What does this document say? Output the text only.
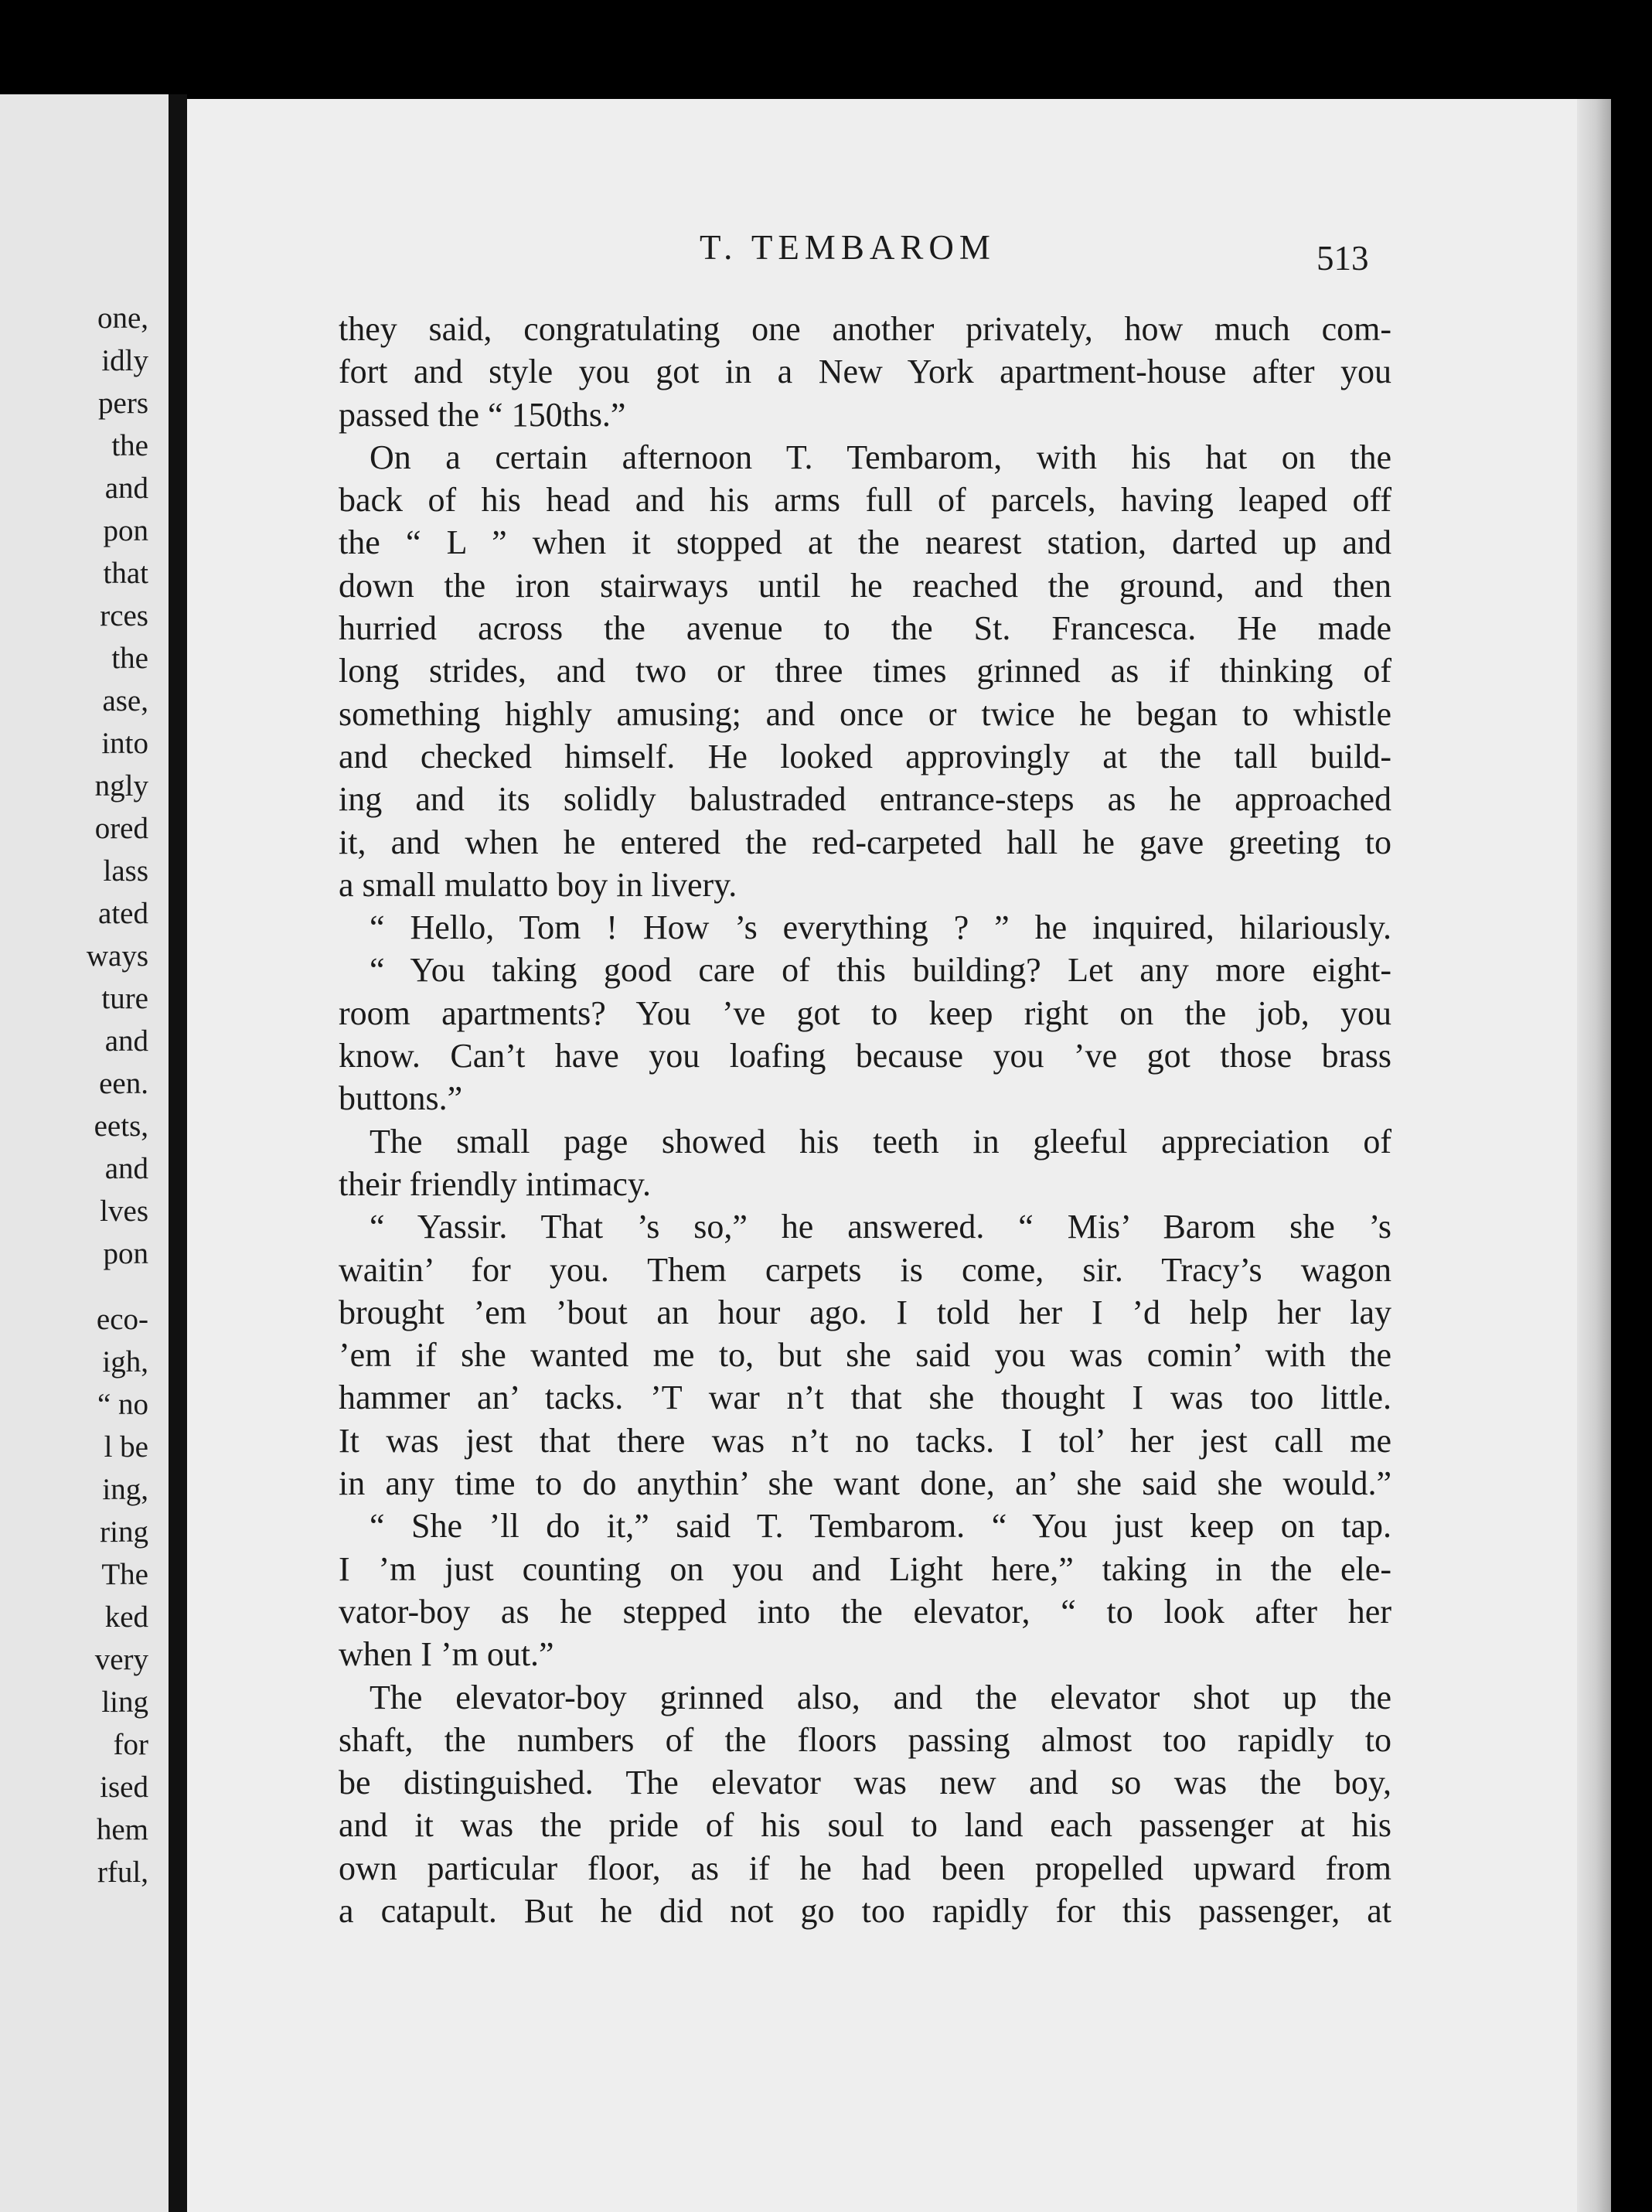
one,
idly
pers
the
and
pon
that
rces
the
ase,
into
ngly
ored
lass
ated
ways
ture
and
een.
eets,
and
lves
pon
eco-
igh,
“ no
l be
ing,
ring
The
ked
very
ling
for
ised
hem
rful,
T. TEMBAROM	513
they said, congratulating one another privately, how much com-
fort and style you got in a New York apartment-house after you
passed the “ 150ths.”
On a certain afternoon T. Tembarom, with his hat on the
back of his head and his arms full of parcels, having leaped off
the “ L ” when it stopped at the nearest station, darted up and
down the iron stairways until he reached the ground, and then
hurried across the avenue to the St. Francesca. He made
long strides, and two or three times grinned as if thinking of
something highly amusing; and once or twice he began to whistle
and checked himself. He looked approvingly at the tall build-
ing and its solidly balustraded entrance-steps as he approached
it, and when he entered the red-carpeted hall he gave greeting to
a small mulatto boy in livery.
“ Hello, Tom ! How ’s everything ? ” he inquired, hilariously.
“ You taking good care of this building? Let any more eight-
room apartments? You ’ve got to keep right on the job, you
know. Can’t have you loafing because you ’ve got those brass
buttons.”
The small page showed his teeth in gleeful appreciation of
their friendly intimacy.
“ Yassir. That ’s so,” he answered. “ Mis’ Barom she ’s
waitin’ for you. Them carpets is come, sir. Tracy’s wagon
brought ’em ’bout an hour ago. I told her I ’d help her lay
’em if she wanted me to, but she said you was comin’ with the
hammer an’ tacks. ’T war n’t that she thought I was too little.
It was jest that there was n’t no tacks. I tol’ her jest call me
in any time to do anythin’ she want done, an’ she said she would.”
“ She ’ll do it,” said T. Tembarom. “ You just keep on tap.
I ’m just counting on you and Light here,” taking in the ele-
vator-boy as he stepped into the elevator, “ to look after her
when I ’m out.”
The elevator-boy grinned also, and the elevator shot up the
shaft, the numbers of the floors passing almost too rapidly to
be distinguished. The elevator was new and so was the boy,
and it was the pride of his soul to land each passenger at his
own particular floor, as if he had been propelled upward from
a catapult. But he did not go too rapidly for this passenger, at
